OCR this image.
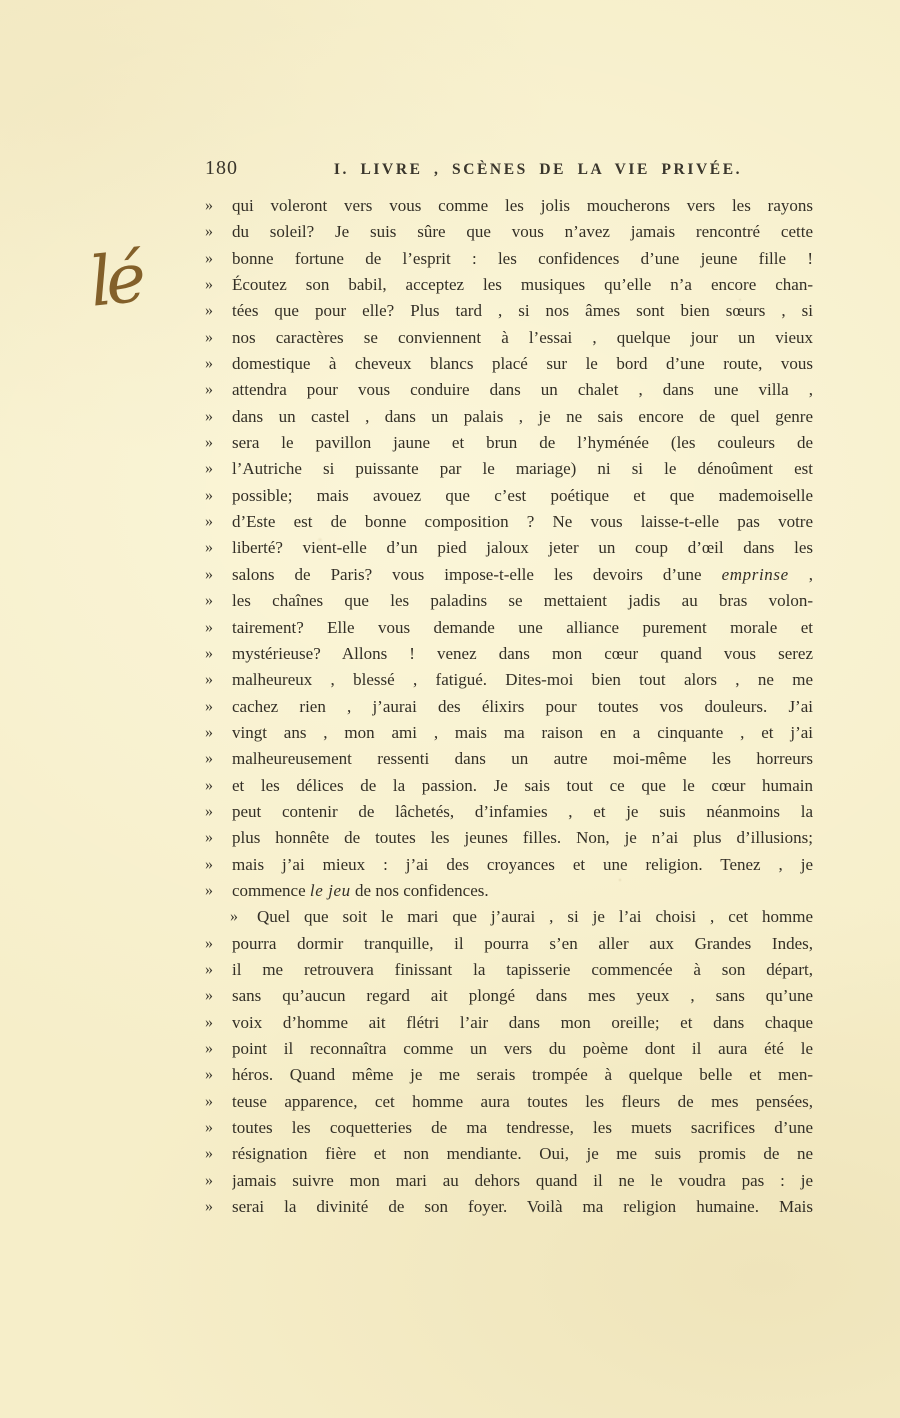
180	I. LIVRE , SCÈNES DE LA VIE PRIVÉE.
lé
»	qui voleront vers vous comme les jolis moucherons vers les rayons
»	du soleil? Je suis sûre que vous n’avez jamais rencontré cette
»	bonne fortune de l’esprit : les confidences d’une jeune fille !
»	Écoutez son babil, acceptez les musiques qu’elle n’a encore chan-
»	tées que pour elle? Plus tard , si nos âmes sont bien sœurs , si
»	nos caractères se conviennent à l’essai , quelque jour un vieux
»	domestique à cheveux blancs placé sur le bord d’une route, vous
»	attendra pour vous conduire dans un chalet , dans une villa ,
»	dans un castel , dans un palais , je ne sais encore de quel genre
»	sera le pavillon jaune et brun de l’hyménée (les couleurs de
»	l’Autriche si puissante par le mariage) ni si le dénoûment est
»	possible; mais avouez que c’est poétique et que mademoiselle
»	d’Este est de bonne composition ? Ne vous laisse-t-elle pas votre
»	liberté? vient-elle d’un pied jaloux jeter un coup d’œil dans les
»	salons de Paris? vous impose-t-elle les devoirs d’une emprinse ,
»	les chaînes que les paladins se mettaient jadis au bras volon-
»	tairement? Elle vous demande une alliance purement morale et
»	mystérieuse? Allons ! venez dans mon cœur quand vous serez
»	malheureux , blessé , fatigué. Dites-moi bien tout alors , ne me
»	cachez rien , j’aurai des élixirs pour toutes vos douleurs. J’ai
»	vingt ans , mon ami , mais ma raison en a cinquante , et j’ai
»	malheureusement ressenti dans un autre moi-même les horreurs
»	et les délices de la passion. Je sais tout ce que le cœur humain
»	peut contenir de lâchetés, d’infamies , et je suis néanmoins la
»	plus honnête de toutes les jeunes filles. Non, je n’ai plus d’illusions;
»	mais j’ai mieux : j’ai des croyances et une religion. Tenez , je
»	commence le jeu de nos confidences.
»	Quel que soit le mari que j’aurai , si je l’ai choisi , cet homme
»	pourra dormir tranquille, il pourra s’en aller aux Grandes Indes,
»	il me retrouvera finissant la tapisserie commencée à son départ,
»	sans qu’aucun regard ait plongé dans mes yeux , sans qu’une
»	voix d’homme ait flétri l’air dans mon oreille; et dans chaque
»	point il reconnaîtra comme un vers du poème dont il aura été le
»	héros. Quand même je me serais trompée à quelque belle et men-
»	teuse apparence, cet homme aura toutes les fleurs de mes pensées,
»	toutes les coquetteries de ma tendresse, les muets sacrifices d’une
»	résignation fière et non mendiante. Oui, je me suis promis de ne
»	jamais suivre mon mari au dehors quand il ne le voudra pas : je
»	serai la divinité de son foyer. Voilà ma religion humaine. Mais
